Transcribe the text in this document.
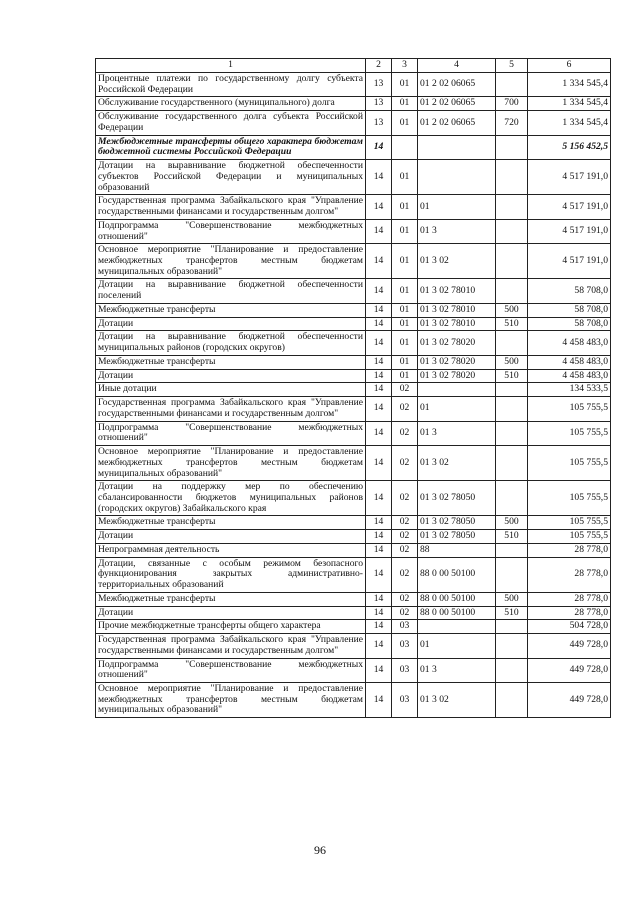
1	2	3	4	5	6
Процентные платежи по государственному долгу субъекта Российской Федерации	13	01	01 2 02 06065		1 334 545,4
Обслуживание государственного (муниципального) долга	13	01	01 2 02 06065	700	1 334 545,4
Обслуживание государственного долга субъекта Российской Федерации	13	01	01 2 02 06065	720	1 334 545,4
Межбюджетные трансферты общего характера бюджетам бюджетной системы Российской Федерации	14				5 156 452,5
Дотации на выравнивание бюджетной обеспеченности субъектов Российской Федерации и муниципальных образований	14	01			4 517 191,0
Государственная программа Забайкальского края "Управление государственными финансами и государственным долгом"	14	01	01		4 517 191,0
Подпрограмма "Совершенствование межбюджетных отношений"	14	01	01 3		4 517 191,0
Основное мероприятие "Планирование и предоставление межбюджетных трансфертов местным бюджетам муниципальных образований"	14	01	01 3 02		4 517 191,0
Дотации на выравнивание бюджетной обеспеченности поселений	14	01	01 3 02 78010		58 708,0
Межбюджетные трансферты	14	01	01 3 02 78010	500	58 708,0
Дотации	14	01	01 3 02 78010	510	58 708,0
Дотации на выравнивание бюджетной обеспеченности муниципальных районов (городских округов)	14	01	01 3 02 78020		4 458 483,0
Межбюджетные трансферты	14	01	01 3 02 78020	500	4 458 483,0
Дотации	14	01	01 3 02 78020	510	4 458 483,0
Иные дотации	14	02			134 533,5
Государственная программа Забайкальского края "Управление государственными финансами и государственным долгом"	14	02	01		105 755,5
Подпрограмма "Совершенствование межбюджетных отношений"	14	02	01 3		105 755,5
Основное мероприятие "Планирование и предоставление межбюджетных трансфертов местным бюджетам муниципальных образований"	14	02	01 3 02		105 755,5
Дотации на поддержку мер по обеспечению сбалансированности бюджетов муниципальных районов (городских округов) Забайкальского края	14	02	01 3 02 78050		105 755,5
Межбюджетные трансферты	14	02	01 3 02 78050	500	105 755,5
Дотации	14	02	01 3 02 78050	510	105 755,5
Непрограммная деятельность	14	02	88		28 778,0
Дотации, связанные с особым режимом безопасного функционирования закрытых административно-территориальных образований	14	02	88 0 00 50100		28 778,0
Межбюджетные трансферты	14	02	88 0 00 50100	500	28 778,0
Дотации	14	02	88 0 00 50100	510	28 778,0
Прочие межбюджетные трансферты общего характера	14	03			504 728,0
Государственная программа Забайкальского края "Управление государственными финансами и государственным долгом"	14	03	01		449 728,0
Подпрограмма "Совершенствование межбюджетных отношений"	14	03	01 3		449 728,0
Основное мероприятие "Планирование и предоставление межбюджетных трансфертов местным бюджетам муниципальных образований"	14	03	01 3 02		449 728,0
96
